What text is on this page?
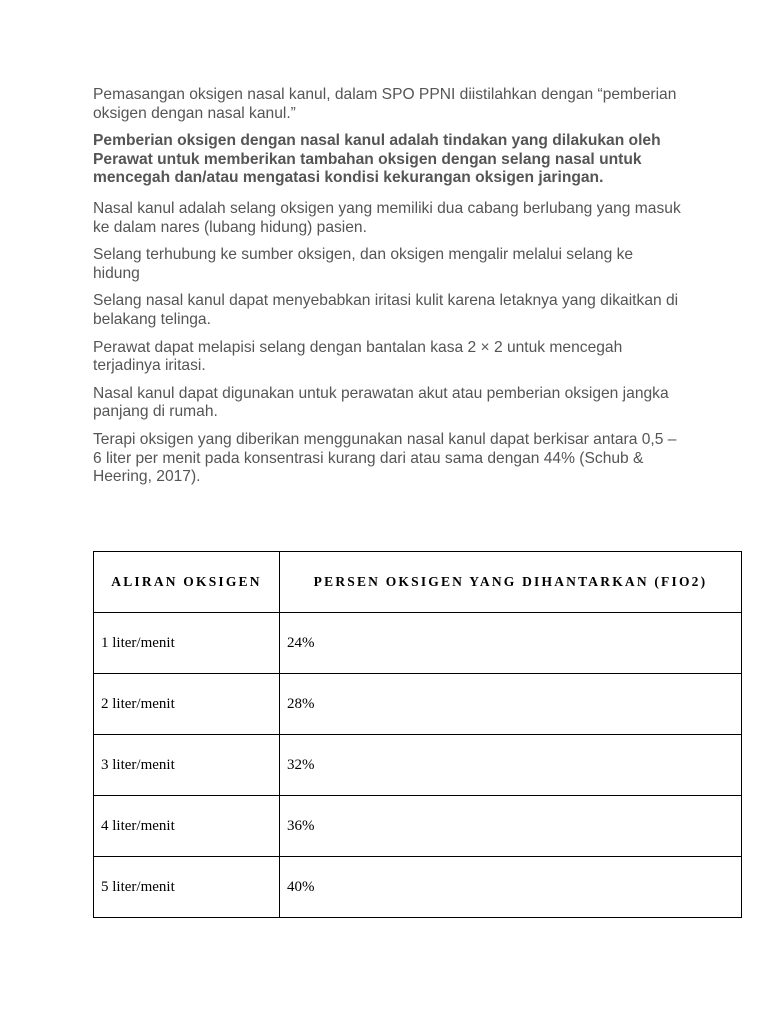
Pemasangan oksigen nasal kanul, dalam SPO PPNI diistilahkan dengan “pemberian oksigen dengan nasal kanul.”

Pemberian oksigen dengan nasal kanul adalah tindakan yang dilakukan oleh Perawat untuk memberikan tambahan oksigen dengan selang nasal untuk mencegah dan/atau mengatasi kondisi kekurangan oksigen jaringan.

Nasal kanul adalah selang oksigen yang memiliki dua cabang berlubang yang masuk ke dalam nares (lubang hidung) pasien.

Selang terhubung ke sumber oksigen, dan oksigen mengalir melalui selang ke hidung

Selang nasal kanul dapat menyebabkan iritasi kulit karena letaknya yang dikaitkan di belakang telinga.

Perawat dapat melapisi selang dengan bantalan kasa 2 × 2 untuk mencegah terjadinya iritasi.

Nasal kanul dapat digunakan untuk perawatan akut atau pemberian oksigen jangka panjang di rumah.

Terapi oksigen yang diberikan menggunakan nasal kanul dapat berkisar antara 0,5 – 6 liter per menit pada konsentrasi kurang dari atau sama dengan 44% (Schub & Heering, 2017).

ALIRAN OKSIGEN	PERSEN OKSIGEN YANG DIHANTARKAN (FIO2)
1 liter/menit	24%
2 liter/menit	28%
3 liter/menit	32%
4 liter/menit	36%
5 liter/menit	40%
